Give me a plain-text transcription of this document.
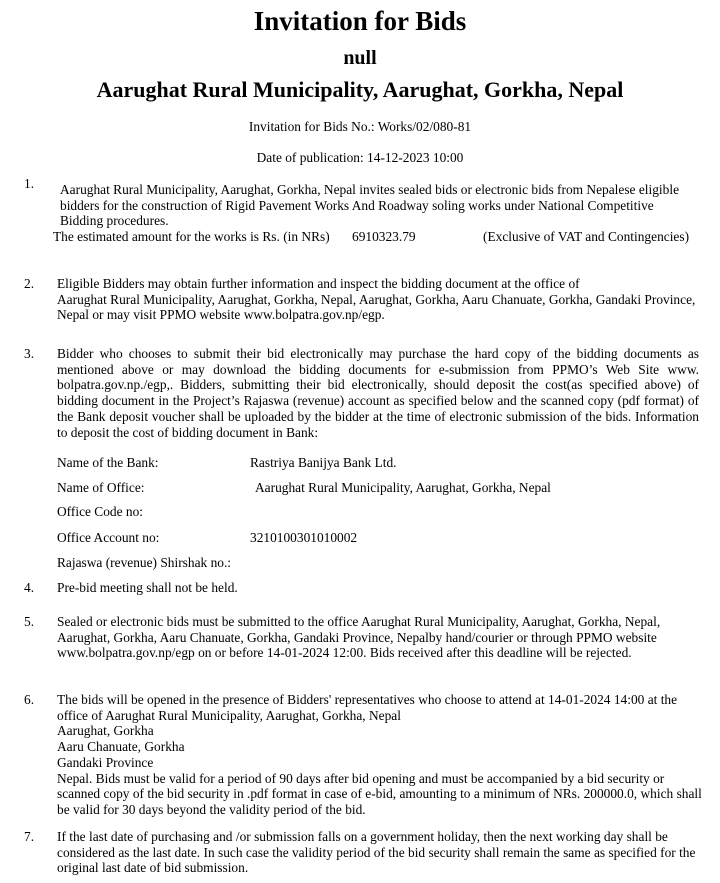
Invitation for Bids
null
Aarughat Rural Municipality, Aarughat, Gorkha, Nepal
Invitation for Bids No.: Works/02/080-81
Date of publication: 14-12-2023 10:00
1. Aarughat Rural Municipality, Aarughat, Gorkha, Nepal invites sealed bids or electronic bids from Nepalese eligible bidders for the construction of Rigid Pavement Works And Roadway soling works under National Competitive Bidding procedures.
The estimated amount for the works is Rs. (in NRs) 6910323.79	(Exclusive of VAT and Contingencies)
2. Eligible Bidders may obtain further information and inspect the bidding document at the office of
Aarughat Rural Municipality, Aarughat, Gorkha, Nepal, Aarughat, Gorkha, Aaru Chanuate, Gorkha, Gandaki Province, Nepal or may visit PPMO website www.bolpatra.gov.np/egp.
3. Bidder who chooses to submit their bid electronically may purchase the hard copy of the bidding documents as mentioned above or may download the bidding documents for e-submission from PPMO’s Web Site www. bolpatra.gov.np./egp,. Bidders, submitting their bid electronically, should deposit the cost(as specified above) of bidding document in the Project’s Rajaswa (revenue) account as specified below and the scanned copy (pdf format) of the Bank deposit voucher shall be uploaded by the bidder at the time of electronic submission of the bids. Information to deposit the cost of bidding document in Bank:
Name of the Bank:	Rastriya Banijya Bank Ltd.
Name of Office:	Aarughat Rural Municipality, Aarughat, Gorkha, Nepal
Office Code no:
Office Account no:	3210100301010002
Rajaswa (revenue) Shirshak no.:
4. Pre-bid meeting shall not be held.
5. Sealed or electronic bids must be submitted to the office Aarughat Rural Municipality, Aarughat, Gorkha, Nepal, Aarughat, Gorkha, Aaru Chanuate, Gorkha, Gandaki Province, Nepalby hand/courier or through PPMO website www.bolpatra.gov.np/egp on or before 14-01-2024 12:00. Bids received after this deadline will be rejected.
6. The bids will be opened in the presence of Bidders' representatives who choose to attend at 14-01-2024 14:00 at the office of Aarughat Rural Municipality, Aarughat, Gorkha, Nepal
Aarughat, Gorkha
Aaru Chanuate, Gorkha
Gandaki Province
Nepal. Bids must be valid for a period of 90 days after bid opening and must be accompanied by a bid security or scanned copy of the bid security in .pdf format in case of e-bid, amounting to a minimum of NRs. 200000.0, which shall be valid for 30 days beyond the validity period of the bid.
7. If the last date of purchasing and /or submission falls on a government holiday, then the next working day shall be considered as the last date. In such case the validity period of the bid security shall remain the same as specified for the original last date of bid submission.
